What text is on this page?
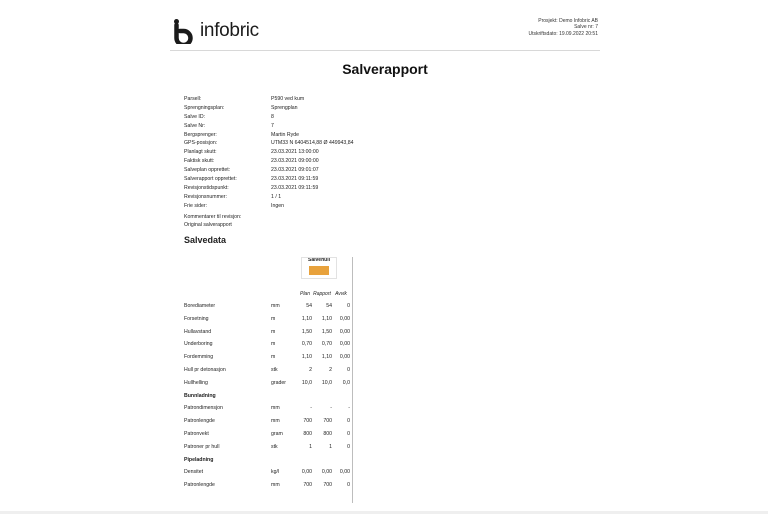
infobric	Prosjekt: Demo Infobric AB
Salve nr: 7
Utskriftsdato: 19.09.2022 20:51
Salverapport
Parsell:	P590 ved kum
Sprengningsplan:	Sprengplan
Salve ID:	8
Salve Nr:	7
Bergsprenger:	Martin Ryde
GPS-posisjon:	UTM33 N 6404514,88 Ø 449943,84
Planlagt skutt:	23.03.2021 13:00:00
Faktisk skutt:	23.03.2021 09:00:00
Salveplan opprettet:	23.03.2021 09:01:07
Salverapport opprettet:	23.03.2021 09:11:59
Revisjonstidspunkt:	23.03.2021 09:11:59
Revisjonsnummer:	1 / 1
Frie sider:	Ingen
Kommentarer til revisjon:
Original salverapport
Salvedata
Salvehull
Plan Rapport Avvik
Borediameter	mm	54	54	0
Forsetning	m	1,10	1,10	0,00
Hullavstand	m	1,50	1,50	0,00
Underboring	m	0,70	0,70	0,00
Fordemming	m	1,10	1,10	0,00
Hull pr detonasjon	stk	2	2	0
Hullhelling	grader	10,0	10,0	0,0
Bunnladning
Patrondimensjon	mm	-	-	-
Patronlengde	mm	700	700	0
Patronvekt	gram	800	800	0
Patroner pr hull	stk	1	1	0
Pipeladning
Densitet	kg/l	0,00	0,00	0,00
Patronlengde	mm	700	700	0
